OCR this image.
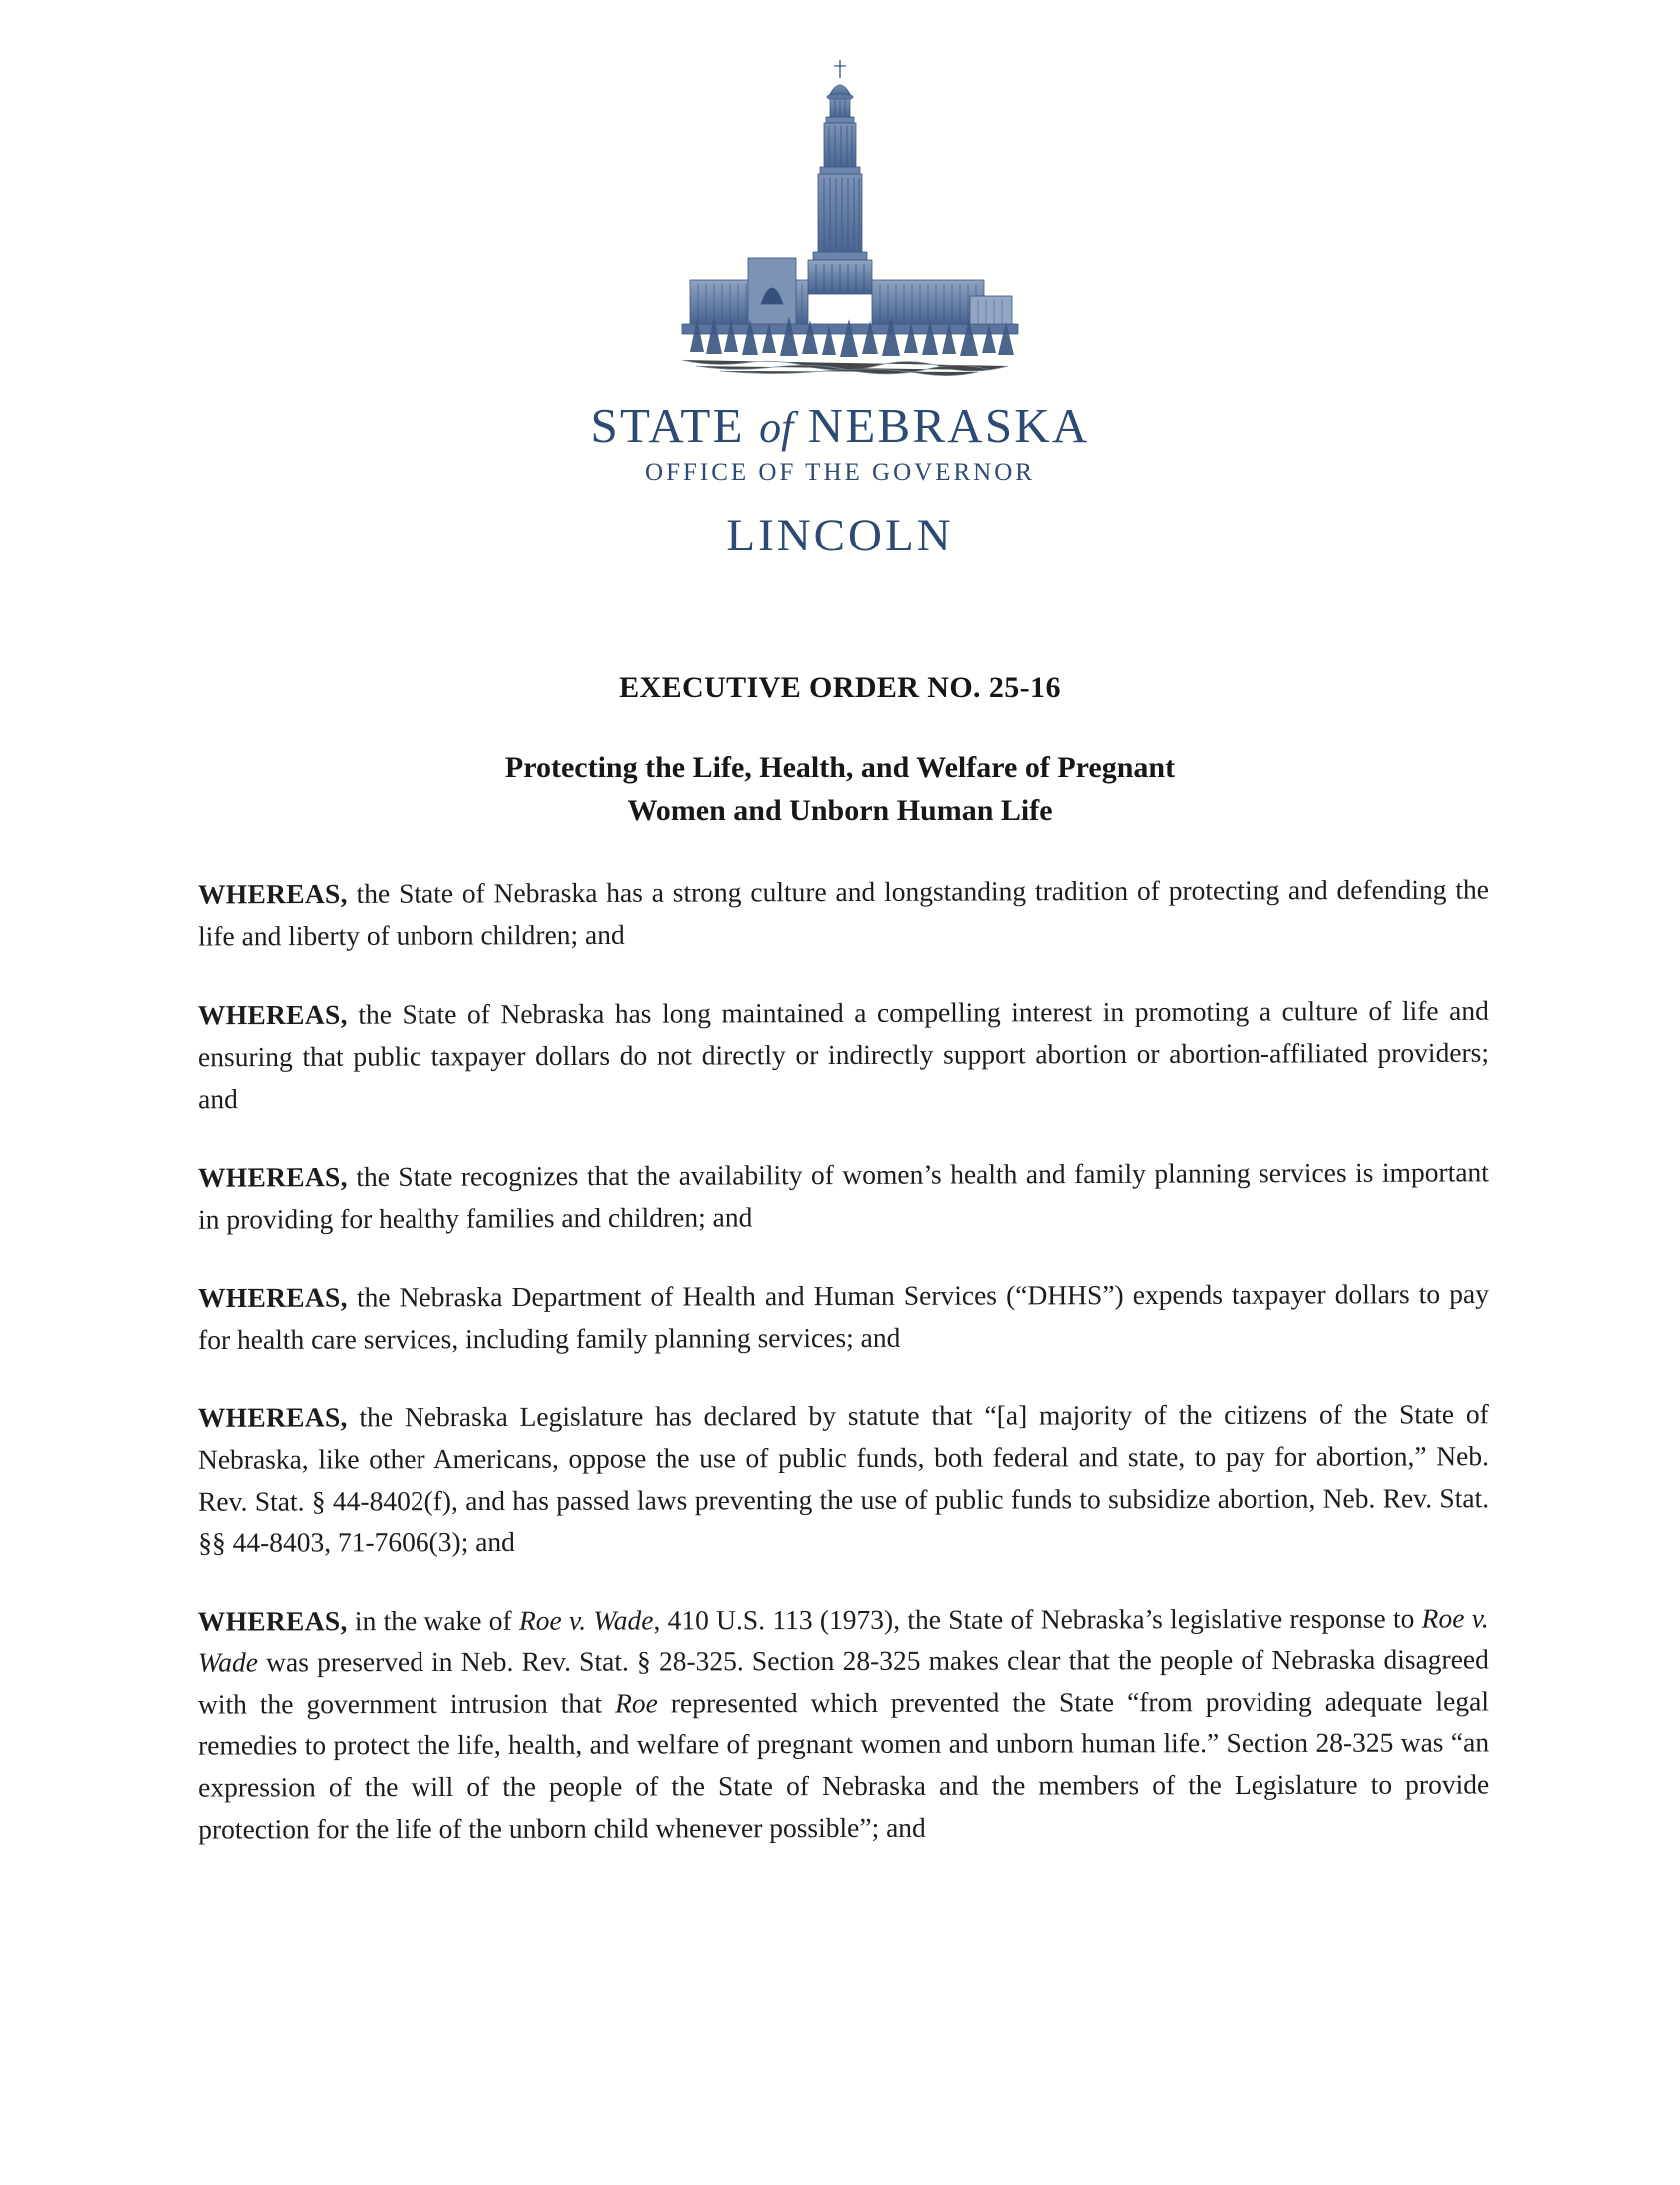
STATE of NEBRASKA
OFFICE OF THE GOVERNOR
LINCOLN
EXECUTIVE ORDER NO. 25-16
Protecting the Life, Health, and Welfare of Pregnant
Women and Unborn Human Life

WHEREAS, the State of Nebraska has a strong culture and longstanding tradition of protecting and defending the life and liberty of unborn children; and

WHEREAS, the State of Nebraska has long maintained a compelling interest in promoting a culture of life and ensuring that public taxpayer dollars do not directly or indirectly support abortion or abortion-affiliated providers; and

WHEREAS, the State recognizes that the availability of women’s health and family planning services is important in providing for healthy families and children; and

WHEREAS, the Nebraska Department of Health and Human Services (“DHHS”) expends taxpayer dollars to pay for health care services, including family planning services; and

WHEREAS, the Nebraska Legislature has declared by statute that “[a] majority of the citizens of the State of Nebraska, like other Americans, oppose the use of public funds, both federal and state, to pay for abortion,” Neb. Rev. Stat. § 44-8402(f), and has passed laws preventing the use of public funds to subsidize abortion, Neb. Rev. Stat. §§ 44-8403, 71-7606(3); and

WHEREAS, in the wake of Roe v. Wade, 410 U.S. 113 (1973), the State of Nebraska’s legislative response to Roe v. Wade was preserved in Neb. Rev. Stat. § 28-325. Section 28-325 makes clear that the people of Nebraska disagreed with the government intrusion that Roe represented which prevented the State “from providing adequate legal remedies to protect the life, health, and welfare of pregnant women and unborn human life.” Section 28-325 was “an expression of the will of the people of the State of Nebraska and the members of the Legislature to provide protection for the life of the unborn child whenever possible”; and
